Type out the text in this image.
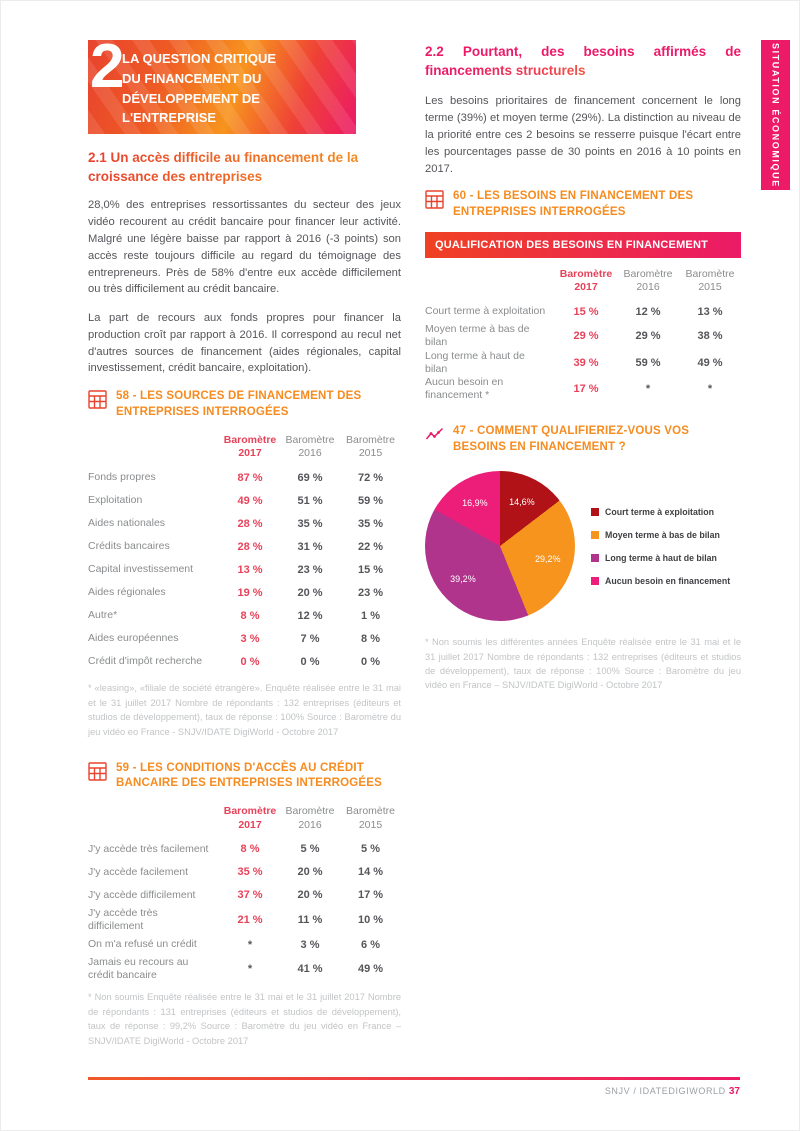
2
LA QUESTION CRITIQUE
DU FINANCEMENT DU
DÉVELOPPEMENT DE
L'ENTREPRISE	SITUATION ÉCONOMIQUE
2.1 Un accès difficile au financement de la croissance des entreprises

28,0% des entreprises ressortissantes du secteur des jeux vidéo recourent au crédit bancaire pour financer leur activité. Malgré une légère baisse par rapport à 2016 (-3 points) son accès reste toujours difficile au regard du témoignage des entrepreneurs. Près de 58% d'entre eux accède difficilement ou très difficilement au crédit bancaire.

La part de recours aux fonds propres pour financer la production croît par rapport à 2016. Il correspond au recul net d'autres sources de financement (aides régionales, capital investissement, crédit bancaire, exploitation).

58 - LES SOURCES DE FINANCEMENT DES ENTREPRISES INTERROGÉES
Baromètre
2017
Baromètre
2016
Baromètre
2015
Fonds propres	87 %	69 %	72 %
Exploitation	49 %	51 %	59 %
Aides nationales	28 %	35 %	35 %
Crédits bancaires	28 %	31 %	22 %
Capital investissement	13 %	23 %	15 %
Aides régionales	19 %	20 %	23 %
Autre*	8 %	12 %	1 %
Aides européennes	3 %	7 %	8 %
Crédit d'impôt recherche	0 %	0 %	0 %

* «leasing», «filiale de société étrangère». Enquête réalisée entre le 31 mai et le 31 juillet 2017 Nombre de répondants : 132 entreprises (éditeurs et studios de développement), taux de réponse : 100% Source : Baromètre du jeu vidéo eo France - SNJV/IDATE DigiWorld - Octobre 2017

59 - LES CONDITIONS D'ACCÈS AU CRÉDIT BANCAIRE DES ENTREPRISES INTERROGÉES
Baromètre
2017
Baromètre
2016
Baromètre
2015
J'y accède très facilement	8 %	5 %	5 %
J'y accède facilement	35 %	20 %	14 %
J'y accède difficilement	37 %	20 %	17 %
J'y accède très difficilement	21 %	11 %	10 %
On m'a refusé un crédit	*	3 %	6 %
Jamais eu recours au crédit bancaire	*	41 %	49 %

* Non soumis Enquête réalisée entre le 31 mai et le 31 juillet 2017 Nombre de répondants : 131 entreprises (éditeurs et studios de développement), taux de réponse : 99,2% Source : Baromètre du jeu vidéo en France – SNJV/IDATE DigiWorld - Octobre 2017

2.2 Pourtant, des besoins affirmés de
financements structurels

Les besoins prioritaires de financement concernent le long terme (39%) et moyen terme (29%). La distinction au niveau de la priorité entre ces 2 besoins se resserre puisque l'écart entre les pourcentages passe de 30 points en 2016 à 10 points en 2017.

60 - LES BESOINS EN FINANCEMENT DES ENTREPRISES INTERROGÉES
QUALIFICATION DES BESOINS EN FINANCEMENT
Baromètre
2017
Baromètre
2016
Baromètre
2015
Court terme à exploitation	15 %	12 %	13 %
Moyen terme à bas de bilan	29 %	29 %	38 %
Long terme à haut de bilan	39 %	59 %	49 %
Aucun besoin en financement *	17 %	*	*
47 - COMMENT QUALIFIERIEZ-VOUS VOS BESOINS EN FINANCEMENT ?
14,6%
29,2%
39,2%
16,9%
Court terme à exploitation
Moyen terme à bas de bilan
Long terme à haut de bilan
Aucun besoin en financement

* Non soumis les différentes années Enquête réalisée entre le 31 mai et le 31 juillet 2017 Nombre de répondants : 132 entreprises (éditeurs et studios de développement), taux de réponse : 100% Source : Baromètre du jeu vidéo en France – SNJV/IDATE DigiWorld - Octobre 2017

SNJV / IDATEDIGIWORLD 37
